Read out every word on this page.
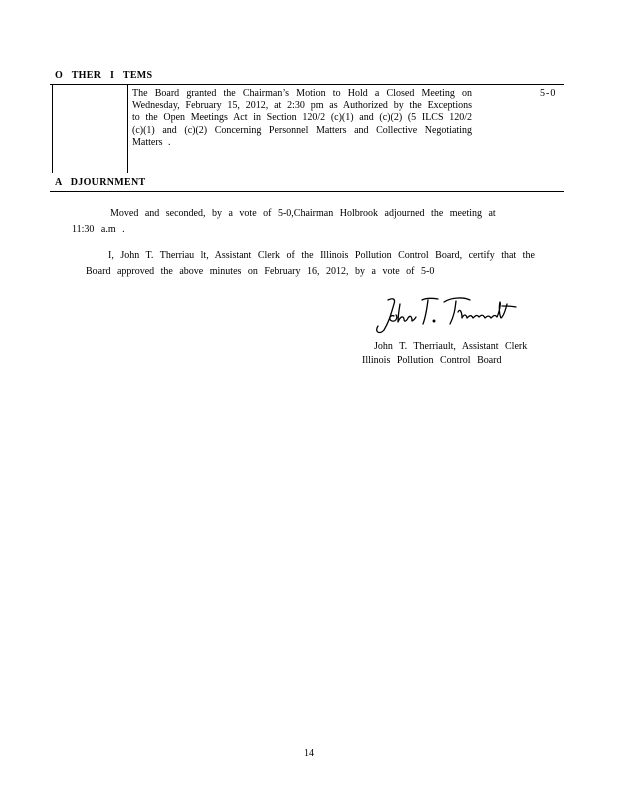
O THER I TEMS
The Board granted the Chairman’s Motion to Hold a Closed Meeting on Wednesday, February 15, 2012, at 2:30 pm as Authorized by the Exceptions to the Open Meetings Act in Section 120/2 (c)(1) and (c)(2) (5 ILCS 120/2 (c)(1) and (c)(2) Concerning Personnel Matters and Collective Negotiating Matters .
5-0
A DJOURNMENT
Moved and seconded, by a vote of 5-0,Chairman Holbrook adjourned the meeting at 11:30 a.m .
I, John T. Therriau lt, Assistant Clerk of the Illinois Pollution Control Board, certify that the Board approved the above minutes on February 16, 2012, by a vote of 5-0
John T. Therriault, Assistant Clerk
Illinois Pollution Control Board
14
